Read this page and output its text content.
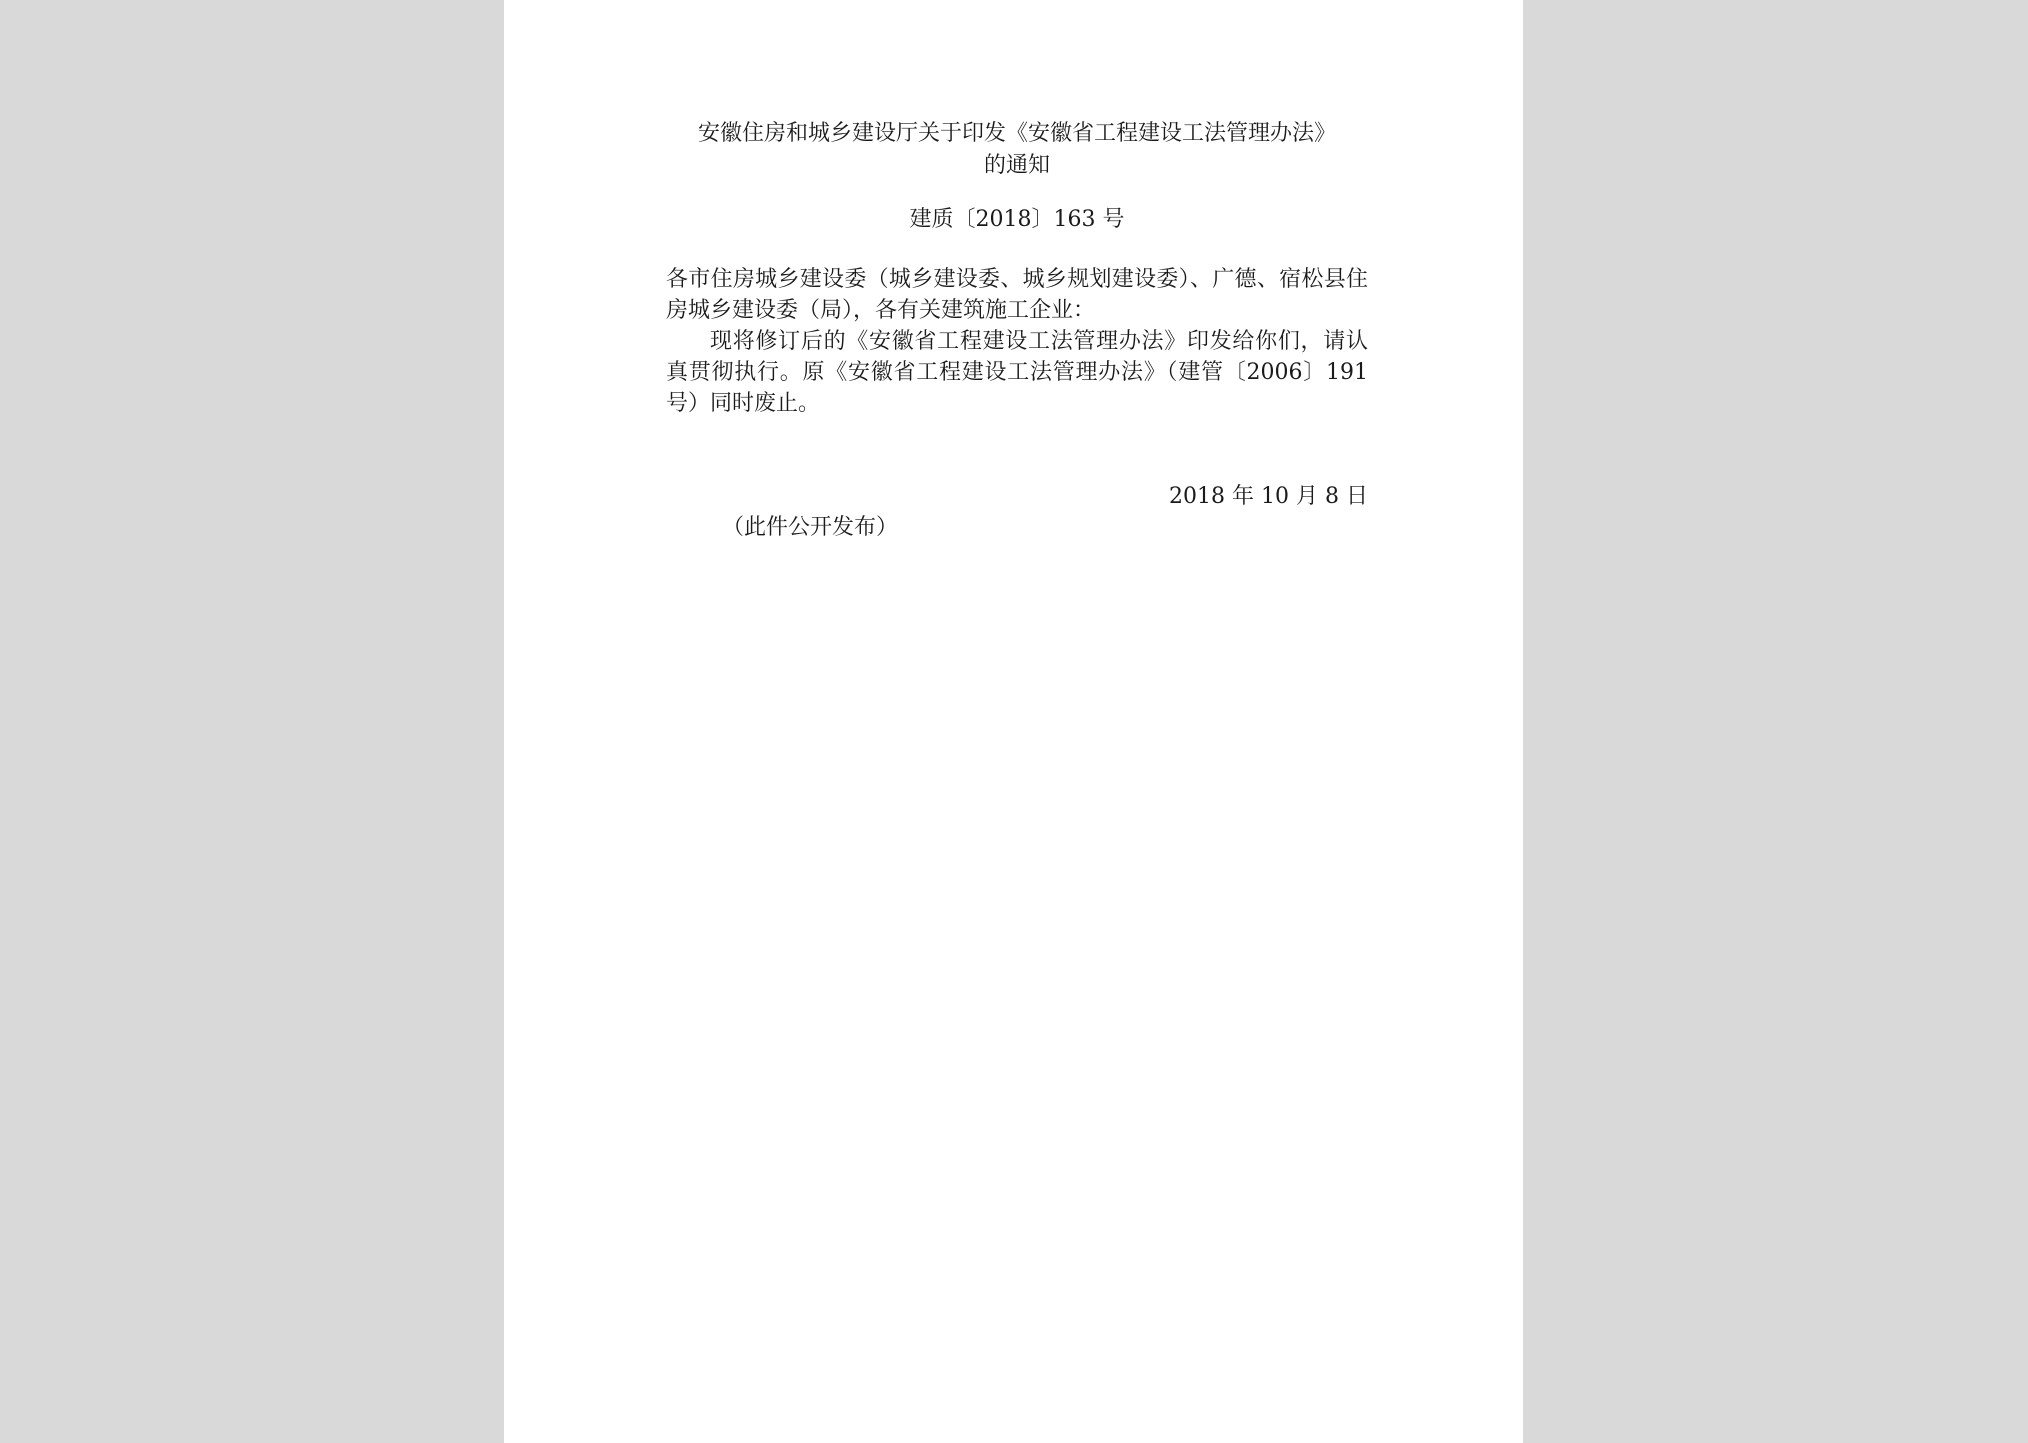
安徽住房和城乡建设厅关于印发《安徽省工程建设工法管理办法》
的通知
建质〔2018〕163 号

各市住房城乡建设委（城乡建设委、城乡规划建设委）、广德、宿松县住房城乡建设委（局），各有关建筑施工企业：

现将修订后的《安徽省工程建设工法管理办法》印发给你们，请认真贯彻执行。原《安徽省工程建设工法管理办法》（建管〔2006〕191 号）同时废止。

2018 年 10 月 8 日
（此件公开发布）
